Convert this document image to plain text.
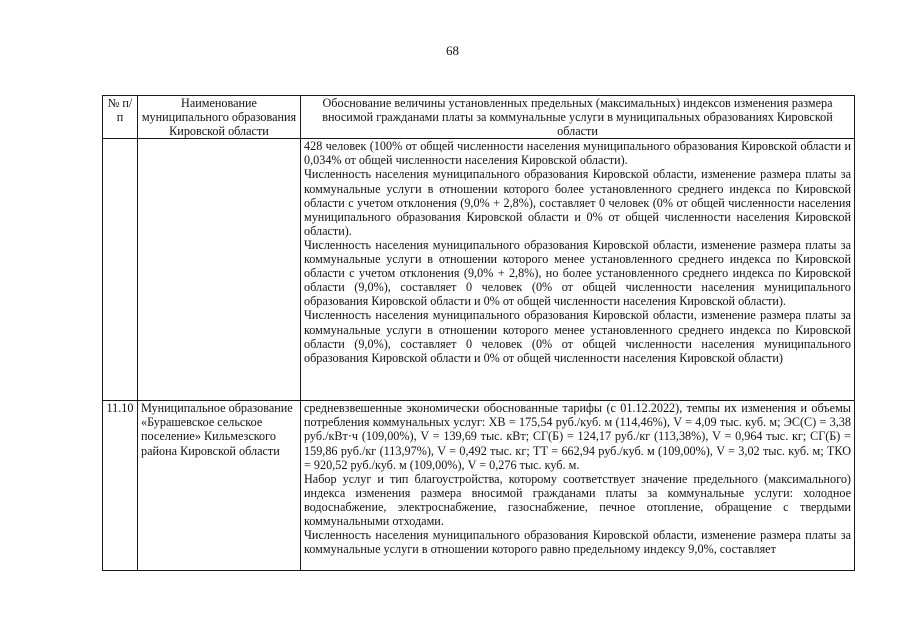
68
№ п/п	Наименование муниципального образования Кировской области	Обоснование величины установленных предельных (максимальных) индексов изменения размера вносимой гражданами платы за коммунальные услуги в муниципальных образованиях Кировской области

		428 человек (100% от общей численности населения муниципального образования Кировской области и 0,034% от общей численности населения Кировской области).

Численность населения муниципального образования Кировской области, изменение размера платы за коммунальные услуги в отношении которого более установленного среднего индекса по Кировской области с учетом отклонения (9,0% + 2,8%), составляет 0 человек (0% от общей численности населения муниципального образования Кировской области и 0% от общей численности населения Кировской области).

Численность населения муниципального образования Кировской области, изменение размера платы за коммунальные услуги в отношении которого менее установленного среднего индекса по Кировской области с учетом отклонения (9,0% + 2,8%), но более установленного среднего индекса по Кировской области (9,0%), составляет 0 человек (0% от общей численности населения муниципального образования Кировской области и 0% от общей численности населения Кировской области).

Численность населения муниципального образования Кировской области, изменение размера платы за коммунальные услуги в отношении которого менее установленного среднего индекса по Кировской области (9,0%), составляет 0 человек (0% от общей численности населения муниципального образования Кировской области и 0% от общей численности населения Кировской области)

11.10	Муниципальное образование «Бурашевское сельское поселение» Кильмезского района Кировской области	средневзвешенные экономически обоснованные тарифы (с 01.12.2022), темпы их изменения и объемы потребления коммунальных услуг: ХВ = 175,54 руб./куб. м (114,46%), V = 4,09 тыс. куб. м; ЭС(С) = 3,38 руб./кВт·ч (109,00%), V = 139,69 тыс. кВт; СГ(Б) = 124,17 руб./кг (113,38%), V = 0,964 тыс. кг; СГ(Б) = 159,86 руб./кг (113,97%), V = 0,492 тыс. кг; ТТ = 662,94 руб./куб. м (109,00%), V = 3,02 тыс. куб. м; ТКО = 920,52 руб./куб. м (109,00%), V = 0,276 тыс. куб. м.

Набор услуг и тип благоустройства, которому соответствует значение предельного (максимального) индекса изменения размера вносимой гражданами платы за коммунальные услуги: холодное водоснабжение, электроснабжение, газоснабжение, печное отопление, обращение с твердыми коммунальными отходами.

Численность населения муниципального образования Кировской области, изменение размера платы за коммунальные услуги в отношении которого равно предельному индексу 9,0%, составляет
